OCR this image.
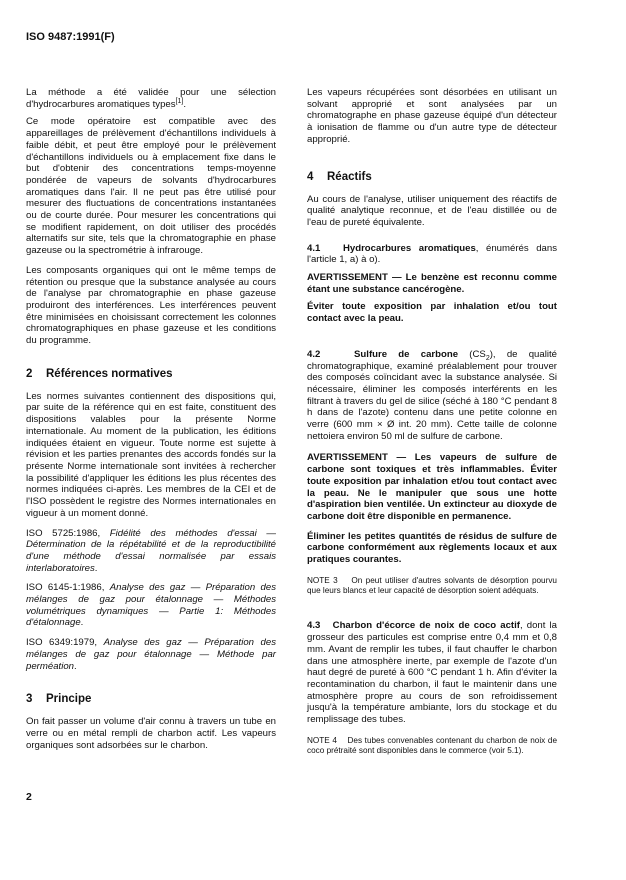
ISO 9487:1991(F)

La méthode a été validée pour une sélection d'hydrocarbures aromatiques types[1].

Ce mode opératoire est compatible avec des appareillages de prélèvement d'échantillons individuels à faible débit, et peut être employé pour le prélèvement d'échantillons individuels ou à emplacement fixe dans le but d'obtenir des concentrations temps-moyenne pondérée de vapeurs de solvants d'hydrocarbures aromatiques dans l'air. Il ne peut pas être utilisé pour mesurer des fluctuations de concentrations instantanées ou de courte durée. Pour mesurer les concentrations qui se modifient rapidement, on doit utiliser des procédés alternatifs sur site, tels que la chromatographie en phase gazeuse ou la spectrométrie à infrarouge.

Les composants organiques qui ont le même temps de rétention ou presque que la substance analysée au cours de l'analyse par chromatographie en phase gazeuse produiront des interférences. Les interférences peuvent être minimisées en choisissant correctement les colonnes chromatographiques en phase gazeuse et les conditions du programme.

2 Références normatives

Les normes suivantes contiennent des dispositions qui, par suite de la référence qui en est faite, constituent des dispositions valables pour la présente Norme internationale. Au moment de la publication, les éditions indiquées étaient en vigueur. Toute norme est sujette à révision et les parties prenantes des accords fondés sur la présente Norme internationale sont invitées à rechercher la possibilité d'appliquer les éditions les plus récentes des normes indiquées ci-après. Les membres de la CEI et de l'ISO possèdent le registre des Normes internationales en vigueur à un moment donné.

ISO 5725:1986, Fidélité des méthodes d'essai — Détermination de la répétabilité et de la reproductibilité d'une méthode d'essai normalisée par essais interlaboratoires.

ISO 6145-1:1986, Analyse des gaz — Préparation des mélanges de gaz pour étalonnage — Méthodes volumétriques dynamiques — Partie 1: Méthodes d'étalonnage.

ISO 6349:1979, Analyse des gaz — Préparation des mélanges de gaz pour étalonnage — Méthode par perméation.

3 Principe

On fait passer un volume d'air connu à travers un tube en verre ou en métal rempli de charbon actif. Les vapeurs organiques sont adsorbées sur le charbon.

2

Les vapeurs récupérées sont désorbées en utilisant un solvant approprié et sont analysées par un chromatographe en phase gazeuse équipé d'un détecteur à ionisation de flamme ou d'un autre type de détecteur approprié.

4 Réactifs

Au cours de l'analyse, utiliser uniquement des réactifs de qualité analytique reconnue, et de l'eau distillée ou de l'eau de pureté équivalente.

4.1 Hydrocarbures aromatiques, énumérés dans l'article 1, a) à o).

AVERTISSEMENT — Le benzène est reconnu comme étant une substance cancérogène.

Éviter toute exposition par inhalation et/ou tout contact avec la peau.

4.2	Sulfure de carbone $(CS_2)$, de qualité chromatographique, examiné préalablement pour trouver des composés coïncidant avec la substance analysée. Si nécessaire, éliminer les composés interférents en les filtrant à travers du gel de silice (séché à 180 °C pendant 8 h dans de l'azote) contenu dans une petite colonne en verre (600 mm × Ø int. 20 mm). Cette taille de colonne nettoiera environ 50 ml de sulfure de carbone.

AVERTISSEMENT — Les vapeurs de sulfure de carbone sont toxiques et très inflammables. Éviter toute exposition par inhalation et/ou tout contact avec la peau. Ne le manipuler que sous une hotte d'aspiration bien ventilée. Un extincteur au dioxyde de carbone doit être disponible en permanence.

Éliminer les petites quantités de résidus de sulfure de carbone conformément aux règlements locaux et aux pratiques courantes.

NOTE 3 On peut utiliser d'autres solvants de désorption pourvu que leurs blancs et leur capacité de désorption soient adéquats.

4.3 Charbon d'écorce de noix de coco actif, dont la grosseur des particules est comprise entre 0,4 mm et 0,8 mm. Avant de remplir les tubes, il faut chauffer le charbon dans une atmosphère inerte, par exemple de l'azote d'un haut degré de pureté à 600 °C pendant 1 h. Afin d'éviter la recontamination du charbon, il faut le maintenir dans une atmosphère propre au cours de son refroidissement jusqu'à la température ambiante, lors du stockage et du remplissage des tubes.

NOTE 4 Des tubes convenables contenant du charbon de noix de coco prétraité sont disponibles dans le commerce (voir 5.1).
